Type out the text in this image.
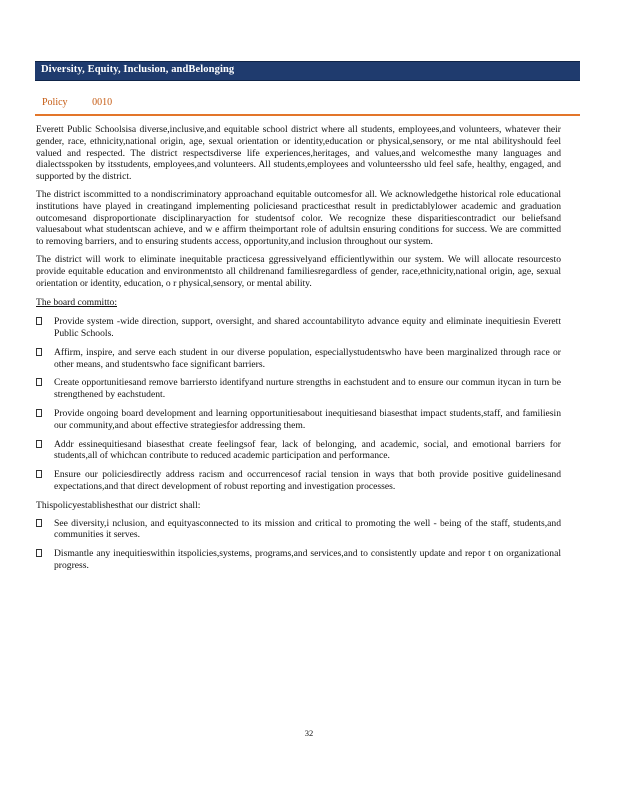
Diversity, Equity, Inclusion, andBelonging
Policy 0010

Everett Public Schoolsisa diverse,inclusive,and equitable school district where all students, employees,and volunteers, whatever their gender, race, ethnicity,national origin, age, sexual orientation or identity,education or physical,sensory, or me ntal abilityshould feel valued and respected. The district respectsdiverse life experiences,heritages, and values,and welcomesthe many languages and dialectsspoken by itsstudents, employees,and volunteers. All students,employees and volunteerssho uld feel safe, healthy, engaged, and supported by the district.

The district iscommitted to a nondiscriminatory approachand equitable outcomesfor all. We acknowledgethe historical role educational institutions have played in creatingand implementing policiesand practicesthat result in predictablylower academic and graduation outcomesand disproportionate disciplinaryaction for studentsof color. We recognize these disparitiescontradict our beliefsand valuesabout what studentscan achieve, and w e affirm theimportant role of adultsin ensuring conditions for success. We are committed to removing barriers, and to ensuring students access, opportunity,and inclusion throughout our system.

The district will work to eliminate inequitable practicesa ggressivelyand efficientlywithin our system. We will allocate resourcesto provide equitable education and environmentsto all childrenand familiesregardless of gender, race,ethnicity,national origin, age, sexual orientation or identity, education, o r physical,sensory, or mental ability.

The board committo:
Provide system -wide direction, support, oversight, and shared accountabilityto advance equity and eliminate inequitiesin Everett Public Schools.
Affirm, inspire, and serve each student in our diverse population, especiallystudentswho have been marginalized through race or other means, and studentswho face significant barriers.
Create opportunitiesand remove barriersto identifyand nurture strengths in eachstudent and to ensure our commun itycan in turn be strengthened by eachstudent.
Provide ongoing board development and learning opportunitiesabout inequitiesand biasesthat impact students,staff, and familiesin our community,and about effective strategiesfor addressing them.
Addr essinequitiesand biasesthat create feelingsof fear, lack of belonging, and academic, social, and emotional barriers for students,all of whichcan contribute to reduced academic participation and performance.
Ensure our policiesdirectly address racism and occurrencesof racial tension in ways that both provide positive guidelinesand expectations,and that direct development of robust reporting and investigation processes.
Thispolicyestablishesthat our district shall:
See diversity,i nclusion, and equityasconnected to its mission and critical to promoting the well - being of the staff, students,and communities it serves.
Dismantle any inequitieswithin itspolicies,systems, programs,and services,and to consistently update and repor t on organizational progress.
32
